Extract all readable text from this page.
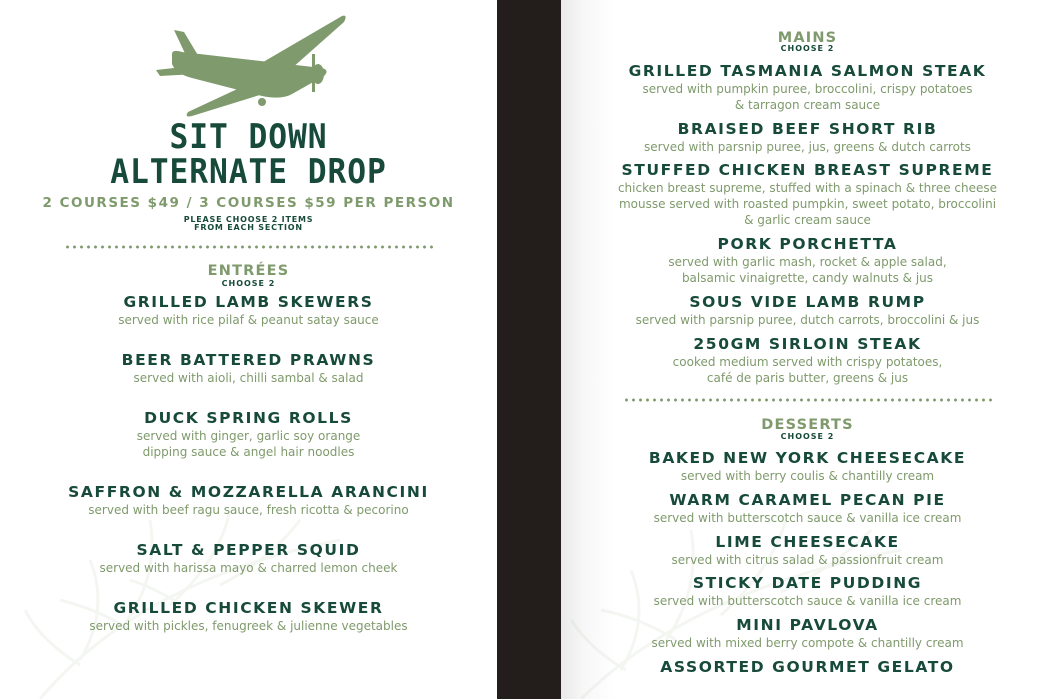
SIT DOWN
ALTERNATE DROP
2 COURSES $49 / 3 COURSES $59 PER PERSON
PLEASE CHOOSE 2 ITEMS
FROM EACH SECTION
ENTRÉES
CHOOSE 2
GRILLED LAMB SKEWERS
served with rice pilaf & peanut satay sauce
BEER BATTERED PRAWNS
served with aioli, chilli sambal & salad
DUCK SPRING ROLLS
served with ginger, garlic soy orange
dipping sauce & angel hair noodles
SAFFRON & MOZZARELLA ARANCINI
served with beef ragu sauce, fresh ricotta & pecorino
SALT & PEPPER SQUID
served with harissa mayo & charred lemon cheek
GRILLED CHICKEN SKEWER
served with pickles, fenugreek & julienne vegetables
MAINS
CHOOSE 2
GRILLED TASMANIA SALMON STEAK
served with pumpkin puree, broccolini, crispy potatoes
& tarragon cream sauce
BRAISED BEEF SHORT RIB
served with parsnip puree, jus, greens & dutch carrots
STUFFED CHICKEN BREAST SUPREME
chicken breast supreme, stuffed with a spinach & three cheese
mousse served with roasted pumpkin, sweet potato, broccolini
& garlic cream sauce
PORK PORCHETTA
served with garlic mash, rocket & apple salad,
balsamic vinaigrette, candy walnuts & jus
SOUS VIDE LAMB RUMP
served with parsnip puree, dutch carrots, broccolini & jus
250GM SIRLOIN STEAK
cooked medium served with crispy potatoes,
café de paris butter, greens & jus
DESSERTS
CHOOSE 2
BAKED NEW YORK CHEESECAKE
served with berry coulis & chantilly cream
WARM CARAMEL PECAN PIE
served with butterscotch sauce & vanilla ice cream
LIME CHEESECAKE
served with citrus salad & passionfruit cream
STICKY DATE PUDDING
served with butterscotch sauce & vanilla ice cream
MINI PAVLOVA
served with mixed berry compote & chantilly cream
ASSORTED GOURMET GELATO
